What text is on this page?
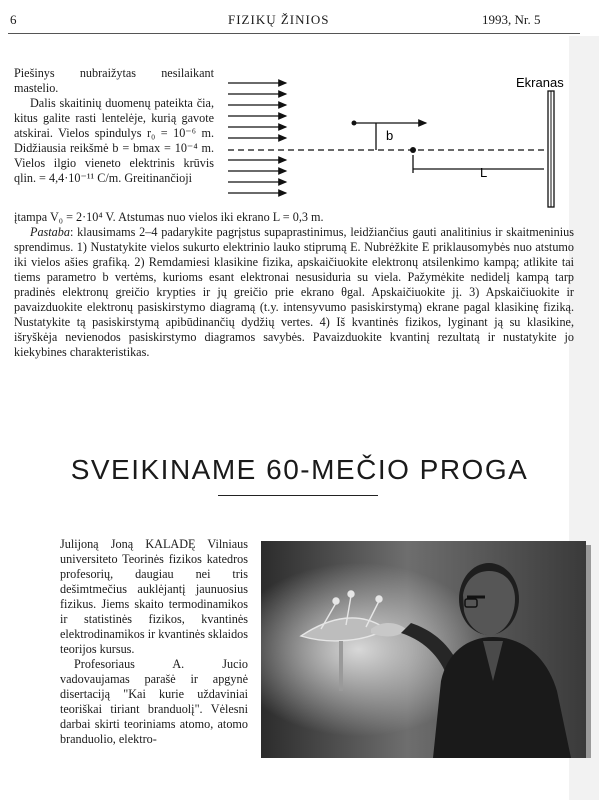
6	FIZIKŲ ŽINIOS	1993, Nr. 5

Piešinys nubraižytas nesilaikant mastelio.

Dalis skaitinių duomenų pateikta čia, kitus galite rasti lentelėje, kurią gavote atskirai. Vielos spindulys r₀ = 10⁻⁶ m. Didžiausia reikšmė b = bmax = 10⁻⁴ m. Vielos ilgio vieneto elektrinis krūvis qlin. = 4,4·10⁻¹¹ C/m. Greitinančioji

b
L
Ekranas

įtampa V₀ = 2·10⁴ V. Atstumas nuo vielos iki ekrano L = 0,3 m.

Pastaba: klausimams 2–4 padarykite pagrįstus supaprastinimus, leidžiančius gauti analitinius ir skaitmeninius sprendimus. 1) Nustatykite vielos sukurto elektrinio lauko stiprumą E. Nubrėžkite E priklausomybės nuo atstumo iki vielos ašies grafiką. 2) Remdamiesi klasikine fizika, apskaičiuokite elektronų atsilenkimo kampą; atlikite tai tiems parametro b vertėms, kurioms esant elektronai nesusiduria su viela. Pažymėkite nedidelį kampą tarp pradinės elektronų greičio krypties ir jų greičio prie ekrano θgal. Apskaičiuokite jį. 3) Apskaičiuokite ir pavaizduokite elektronų pasiskirstymo diagramą (t.y. intensyvumo pasiskirstymą) ekrane pagal klasikinę fiziką. Nustatykite tą pasiskirstymą apibūdinančių dydžių vertes. 4) Iš kvantinės fizikos, lyginant ją su klasikine, išryškėja nevienodos pasiskirstymo diagramos savybės. Pavaizduokite kvantinį rezultatą ir nustatykite jo kiekybines charakteristikas.

SVEIKINAME 60-MEČIO PROGA

Julijoną Joną KALADĘ Vilniaus universiteto Teorinės fizikos katedros profesorių, daugiau nei tris dešimtmečius auklėjantį jaunuosius fizikus. Jiems skaito termodinamikos ir statistinės fizikos, kvantinės elektrodinamikos ir kvantinės sklaidos teorijos kursus.

Profesoriaus A. Jucio vadovaujamas parašė ir apgynė disertaciją "Kai kurie uždaviniai teoriškai tiriant branduolį". Vėlesni darbai skirti teoriniams atomo, atomo branduolio, elektro-
